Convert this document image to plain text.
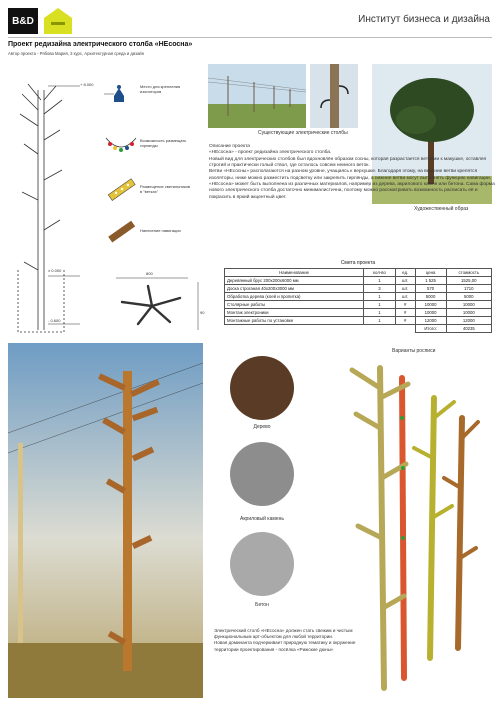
B&D	Институт бизнеса и дизайна
Проект редизайна электрического столба «НЕсосна»
Автор проекта - Рябова Мария, 3 курс, Архитектурная среда и дизайн
+ 8.000
± 0.000
- 0.600
Место для крепления изоляторов
Возможность размещать гирлянды
Размещение светильников в "ветках"
Нанесение навигации
800
90
Существующие электрические столбы
Художественный образ

Описание проекта

«НЕсосна» - проект редизайна электрического столба.

Новый вид для электрических столбов был вдохновлён образом сосны, которая разрастается ветвями к макушке, оставляя строгий и практически голый ствол, где осталось совсем немного веток.

Ветви «НЕсосны» располагаются на разном уровне, учащаясь к верхушке. Благодаря этому, на верхние ветви крепятся изоляторы, ниже можно разместить подсветку или закрепить гирлянды, а нижние ветви могут выполнять функцию навигации.

«НЕсосна» может быть выполнена из различных материалов, например из дерева, акрилового камня или бетона. Сама форма нового электрического столба достаточно минималистична, поэтому можно рассматривать возможность расписать её и покрасить в яркий акцентный цвет.

Смета проекта
Наименование	кол-во	ед.	цена	стоимость
Деревянный брус 200х200х6000 мм	1	шт.	1 525	1525,00
Доска строганая 40х200х3000 мм	3	шт.	570	1710
Обработка дерева (клей и пропитка)	1	шт.	5000	5000
Столярные работы	1	#	10000	10000
Монтаж электроники	1	#	10000	10000
Монтажные работы по установке	1	#	12000	12000
			Итого:	40235
Дерево
Акриловый камень
Бетон
Варианты росписи

Электрический столб «НЕсосна» должен стать свежим и чистым функциональным арт-объектом для любой территории.

Новая доминанта подчеркивает природную тематику и окружение территории проектирования - посёлка «Рижские дюны»
